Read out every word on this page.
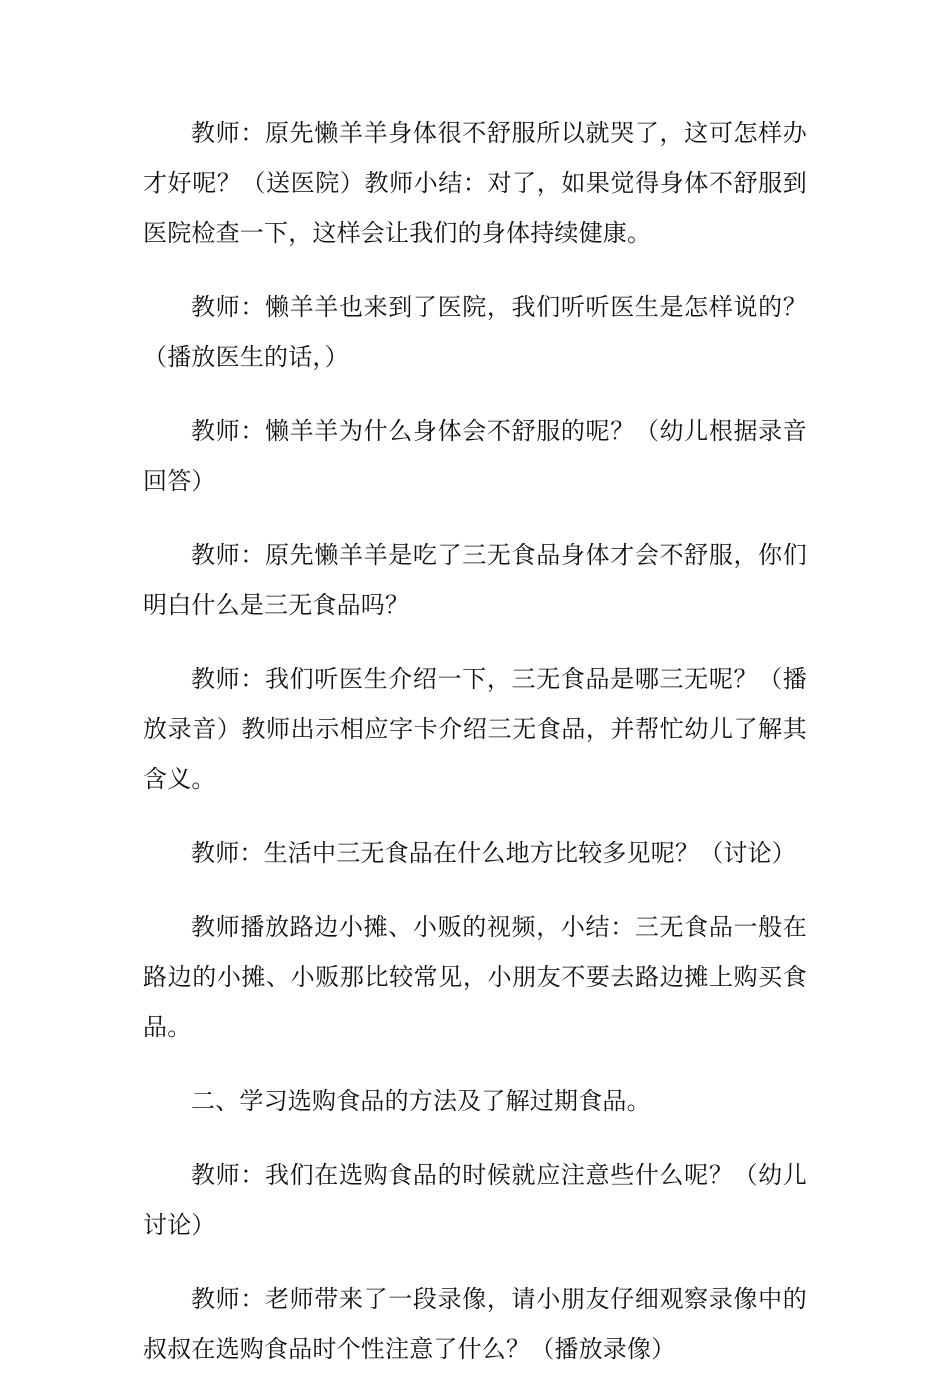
教师：原先懒羊羊身体很不舒服所以就哭了，这可怎样办才好呢？（送医院）教师小结：对了，如果觉得身体不舒服到医院检查一下，这样会让我们的身体持续健康。

教师：懒羊羊也来到了医院，我们听听医生是怎样说的？（播放医生的话，）

教师：懒羊羊为什么身体会不舒服的呢？（幼儿根据录音回答）

教师：原先懒羊羊是吃了三无食品身体才会不舒服，你们明白什么是三无食品吗？

教师：我们听医生介绍一下，三无食品是哪三无呢？（播放录音）教师出示相应字卡介绍三无食品，并帮忙幼儿了解其含义。

教师：生活中三无食品在什么地方比较多见呢？（讨论）

教师播放路边小摊、小贩的视频，小结：三无食品一般在路边的小摊、小贩那比较常见，小朋友不要去路边摊上购买食品。

二、学习选购食品的方法及了解过期食品。

教师：我们在选购食品的时候就应注意些什么呢？（幼儿讨论）

教师：老师带来了一段录像，请小朋友仔细观察录像中的叔叔在选购食品时个性注意了什么？（播放录像）
